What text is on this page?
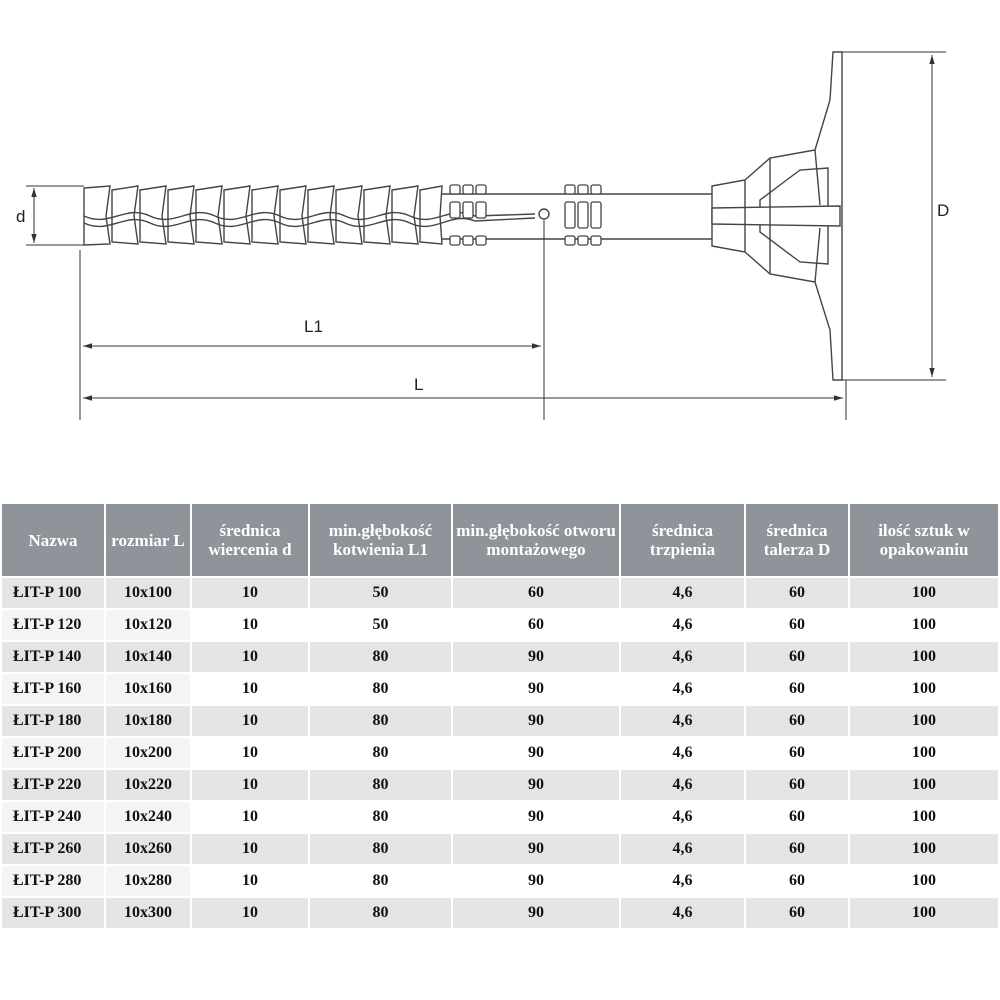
d
L1
L
D
Nazwa	rozmiar L	średnica wiercenia d	min.głębokość kotwienia L1	min.głębokość otworu montażowego	średnica trzpienia	średnica talerza D	ilość sztuk w opakowaniu
ŁIT-P 100	10x100	10	50	60	4,6	60	100
ŁIT-P 120	10x120	10	50	60	4,6	60	100
ŁIT-P 140	10x140	10	80	90	4,6	60	100
ŁIT-P 160	10x160	10	80	90	4,6	60	100
ŁIT-P 180	10x180	10	80	90	4,6	60	100
ŁIT-P 200	10x200	10	80	90	4,6	60	100
ŁIT-P 220	10x220	10	80	90	4,6	60	100
ŁIT-P 240	10x240	10	80	90	4,6	60	100
ŁIT-P 260	10x260	10	80	90	4,6	60	100
ŁIT-P 280	10x280	10	80	90	4,6	60	100
ŁIT-P 300	10x300	10	80	90	4,6	60	100
